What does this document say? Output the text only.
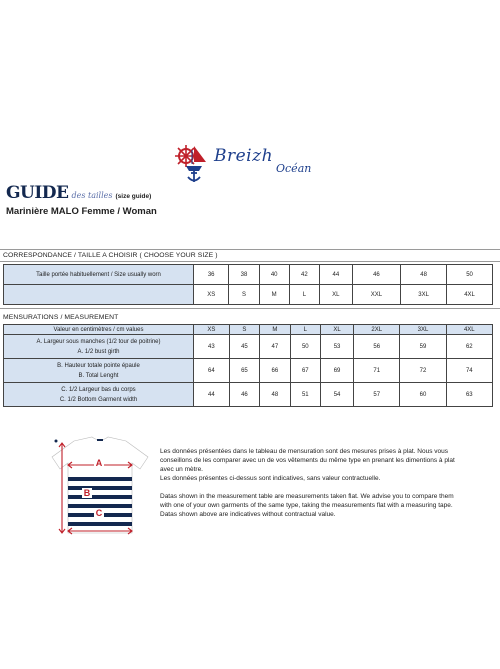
Breizh
Océan
GUIDE des tailles (size guide)
Marinière MALO Femme / Woman
CORRESPONDANCE / TAILLE A CHOISIR ( CHOOSE YOUR SIZE )
Taille portée habituellement / Size usually worn	36	38	40	42	44	46	48	50
	XS	S	M	L	XL	XXL	3XL	4XL
MENSURATIONS / MEASUREMENT
Valeur en centimètres / cm values	XS	S	M	L	XL	2XL	3XL	4XL

A. Largeur sous manches (1/2 tour de poitrine)
A. 1/2 bust girth	43	45	47	50	53	56	59	62

B. Hauteur totale pointe épaule
B. Total Lenght	64	65	66	67	69	71	72	74

C. 1/2 Largeur bas du corps
C. 1/2 Bottom Garment width	44	46	48	51	54	57	60	63
A
B
C
Les données présentées dans le tableau de mensuration sont des mesures prises à plat. Nous vous
conseillons de les comparer avec un de vos vêtements du même type en prenant les dimentions à plat
avec un mètre.
Les données présentes ci-dessus sont indicatives, sans valeur contractuelle.
Datas shown in the measurement table are measurements taken flat. We advise you to compare them
with one of your own garments of the same type, taking the measurements flat with a measuring tape.
Datas shown above are indicatives without contractual value.
